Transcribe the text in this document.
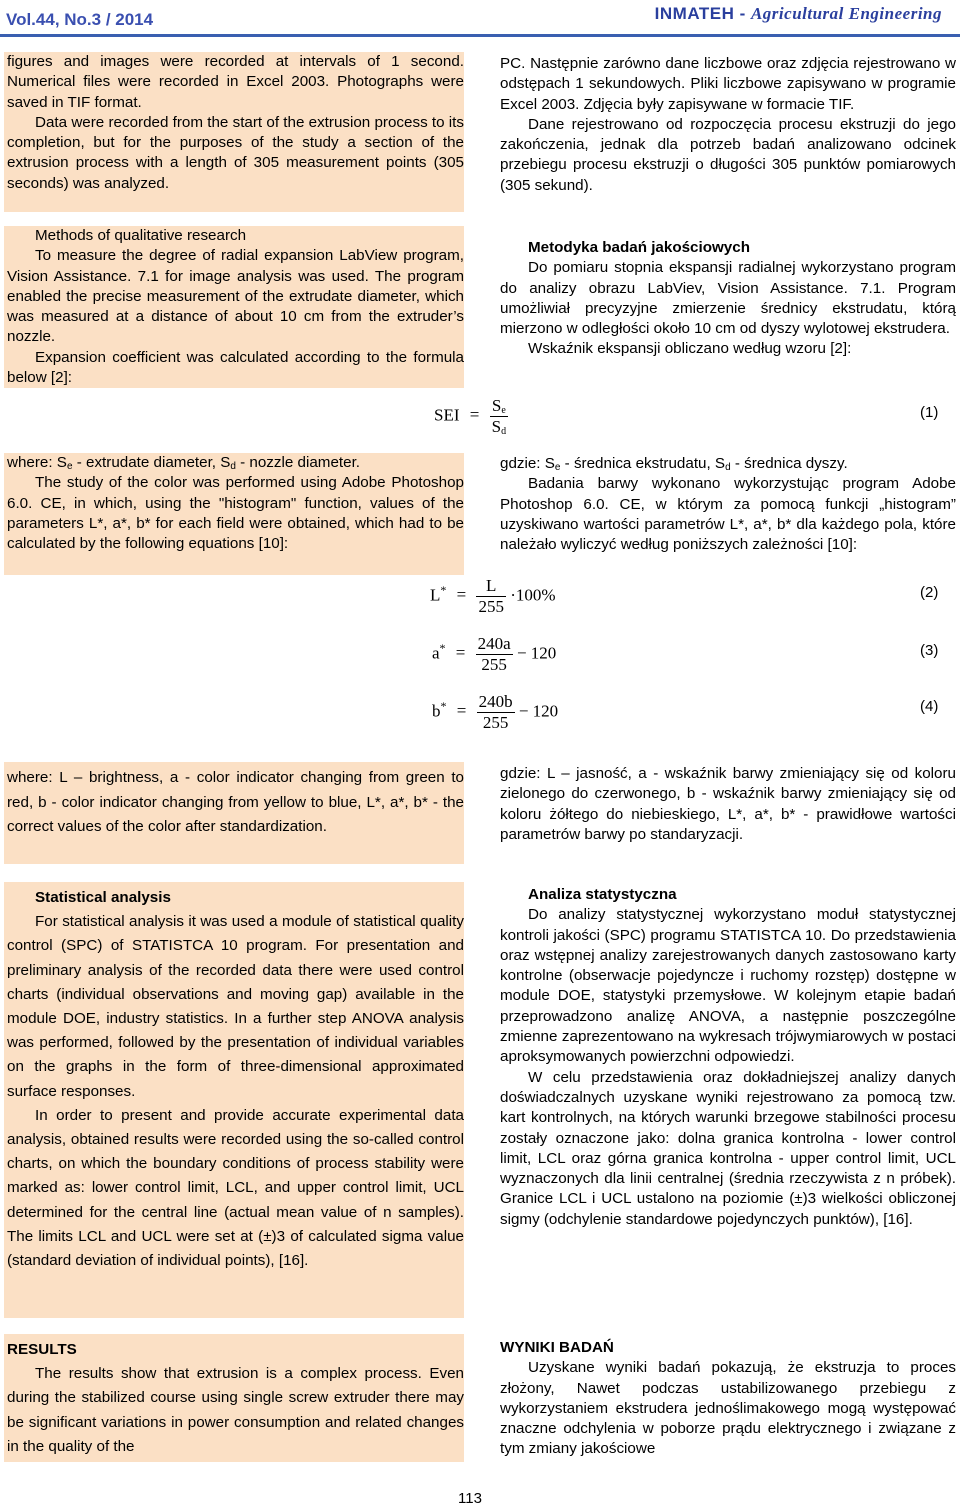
Vol.44, No.3 / 2014	INMATEH - Agricultural Engineering

figures and images were recorded at intervals of 1 second. Numerical files were recorded in Excel 2003. Photographs were saved in TIF format.

Data were recorded from the start of the extrusion process to its completion, but for the purposes of the study a section of the extrusion process with a length of 305 measurement points (305 seconds) was analyzed.

Methods of qualitative research

To measure the degree of radial expansion LabView program, Vision Assistance. 7.1 for image analysis was used. The program enabled the precise measurement of the extrudate diameter, which was measured at a distance of about 10 cm from the extruder’s nozzle.

Expansion coefficient was calculated according to the formula below [2]:

where: $S_e$ - extrudate diameter, $S_d$ - nozzle diameter.

The study of the color was performed using Adobe Photoshop 6.0. CE, in which, using the "histogram" function, values of the parameters L*, a*, b* for each field were obtained, which had to be calculated by the following equations [10]:

where: L – brightness, a - color indicator changing from green to red, b - color indicator changing from yellow to blue, L*, a*, b* - the correct values of the color after standardization.

Statistical analysis

For statistical analysis it was used a module of statistical quality control (SPC) of STATISTCA 10 program. For presentation and preliminary analysis of the recorded data there were used control charts (individual observations and moving gap) available in the module DOE, industry statistics. In a further step ANOVA analysis was performed, followed by the presentation of individual variables on the graphs in the form of three-dimensional approximated surface responses.

In order to present and provide accurate experimental data analysis, obtained results were recorded using the so-called control charts, on which the boundary conditions of process stability were marked as: lower control limit, LCL, and upper control limit, UCL determined for the central line (actual mean value of n samples). The limits LCL and UCL were set at (±)3 of calculated sigma value (standard deviation of individual points), [16].

RESULTS

The results show that extrusion is a complex process. Even during the stabilized course using single screw extruder there may be significant variations in power consumption and related changes in the quality of the

PC. Następnie zarówno dane liczbowe oraz zdjęcia rejestrowano w odstępach 1 sekundowych. Pliki liczbowe zapisywano w programie Excel 2003. Zdjęcia były zapisywane w formacie TIF.

Dane rejestrowano od rozpoczęcia procesu ekstruzji do jego zakończenia, jednak dla potrzeb badań analizowano odcinek przebiegu procesu ekstruzji o długości 305 punktów pomiarowych (305 sekund).

Metodyka badań jakościowych

Do pomiaru stopnia ekspansji radialnej wykorzystano program do analizy obrazu LabViev, Vision Assistance. 7.1. Program umożliwiał precyzyjne zmierzenie średnicy ekstrudatu, którą mierzono w odległości około 10 cm od dyszy wylotowej ekstrudera.

Wskaźnik ekspansji obliczano według wzoru [2]:

gdzie: $S_e$ - średnica ekstrudatu, $S_d$ - średnica dyszy.

Badania barwy wykonano wykorzystując program Adobe Photoshop 6.0. CE, w którym za pomocą funkcji „histogram” uzyskiwano wartości parametrów L*, a*, b* dla każdego pola, które należało wyliczyć według poniższych zależności [10]:

gdzie: L – jasność, a - wskaźnik barwy zmieniający się od koloru zielonego do czerwonego, b - wskaźnik barwy zmieniający się od koloru żółtego do niebieskiego, L*, a*, b* - prawidłowe wartości parametrów barwy po standaryzacji.

Analiza statystyczna

Do analizy statystycznej wykorzystano moduł statystycznej kontroli jakości (SPC) programu STATISTCA 10. Do przedstawienia oraz wstępnej analizy zarejestrowanych danych zastosowano karty kontrolne (obserwacje pojedyncze i ruchomy rozstęp) dostępne w module DOE, statystyki przemysłowe. W kolejnym etapie badań przeprowadzono analizę ANOVA, a następnie poszczególne zmienne zaprezentowano na wykresach trójwymiarowych w postaci aproksymowanych powierzchni odpowiedzi.

W celu przedstawienia oraz dokładniejszej analizy danych doświadczalnych uzyskane wyniki rejestrowano za pomocą tzw. kart kontrolnych, na których warunki brzegowe stabilności procesu zostały oznaczone jako: dolna granica kontrolna - lower control limit, LCL oraz górna granica kontrolna - upper control limit, UCL wyznaczonych dla linii centralnej (średnia rzeczywista z n próbek). Granice LCL i UCL ustalono na poziomie (±)3 wielkości obliczonej sigmy (odchylenie standardowe pojedynczych punktów), [16].

WYNIKI BADAŃ

Uzyskane wyniki badań pokazują, że ekstruzja to proces złożony, Nawet podczas ustabilizowanego przebiegu z wykorzystaniem ekstrudera jednoślimakowego mogą występować znaczne odchylenia w poborze prądu elektrycznego i związane z tym zmiany jakościowe

SEI = $\frac{S_e}{S_d}$	(1)
$L^* = \frac{L}{255} \cdot 100\%$	(2)
$a^* = \frac{240a}{255} - 120$	(3)
$b^* = \frac{240b}{255} - 120$	(4)
113
